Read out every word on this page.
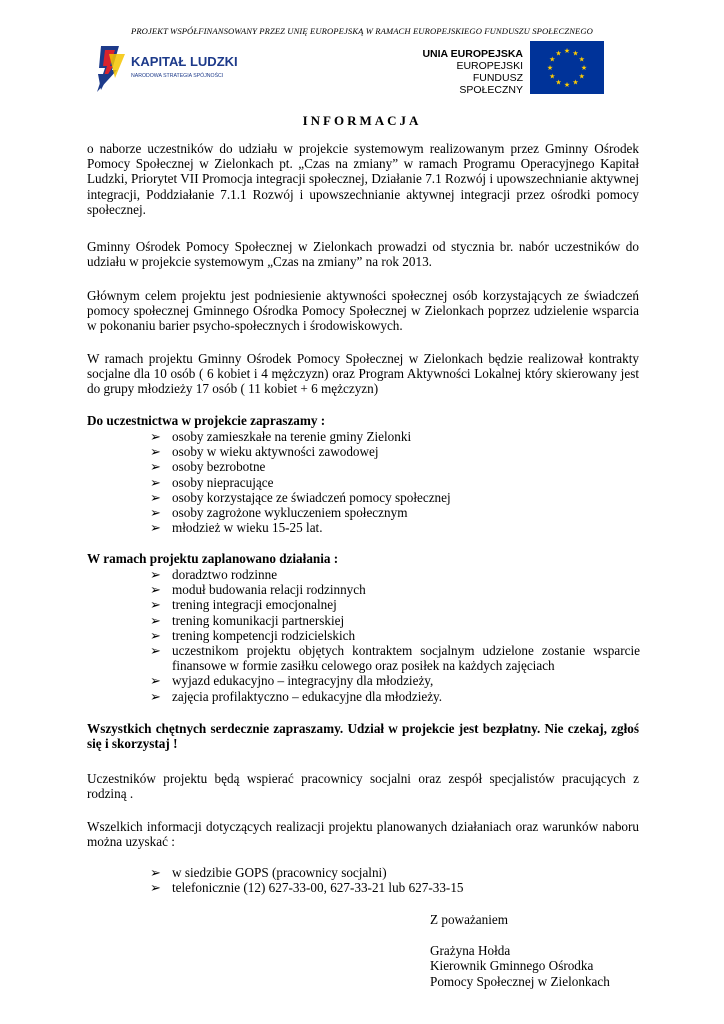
PROJEKT WSPÓŁFINANSOWANY PRZEZ UNIĘ EUROPEJSKĄ W RAMACH EUROPEJSKIEGO FUNDUSZU SPOŁECZNEGO
KAPITAŁ LUDZKI
NARODOWA STRATEGIA SPÓJNOŚCI
UNIA EUROPEJSKA
EUROPEJSKI
FUNDUSZ SPOŁECZNY
★ ★
★
★
★
★
★
★
★
★
★
★
INFORMACJA
o naborze uczestników do udziału w projekcie systemowym realizowanym przez Gminny Ośrodek Pomocy Społecznej w Zielonkach pt. „Czas na zmiany” w ramach Programu Operacyjnego Kapitał Ludzki, Priorytet VII Promocja integracji społecznej, Działanie 7.1 Rozwój i upowszechnianie aktywnej integracji, Poddziałanie 7.1.1 Rozwój i upowszechnianie aktywnej integracji przez ośrodki pomocy społecznej.
Gminny Ośrodek Pomocy Społecznej w Zielonkach prowadzi od stycznia br. nabór uczestników do udziału w projekcie systemowym „Czas na zmiany” na rok 2013.
Głównym celem projektu jest podniesienie aktywności społecznej osób korzystających ze świadczeń pomocy społecznej Gminnego Ośrodka Pomocy Społecznej w Zielonkach poprzez udzielenie wsparcia w pokonaniu barier psycho-społecznych i środowiskowych.
W ramach projektu Gminny Ośrodek Pomocy Społecznej w Zielonkach będzie realizował kontrakty socjalne dla 10 osób ( 6 kobiet i 4 mężczyzn) oraz Program Aktywności Lokalnej który skierowany jest do grupy młodzieży 17 osób ( 11 kobiet + 6 mężczyzn)
Do uczestnictwa w projekcie zapraszamy :
➢ osoby zamieszkałe na terenie gminy Zielonki
➢ osoby w wieku aktywności zawodowej
➢ osoby bezrobotne
➢ osoby niepracujące
➢ osoby korzystające ze świadczeń pomocy społecznej
➢ osoby zagrożone wykluczeniem społecznym
➢ młodzież w wieku 15-25 lat.
W ramach projektu zaplanowano działania :
➢ doradztwo rodzinne
➢ moduł budowania relacji rodzinnych
➢ trening integracji emocjonalnej
➢ trening komunikacji partnerskiej
➢ trening kompetencji rodzicielskich
➢ uczestnikom projektu objętych kontraktem socjalnym udzielone zostanie wsparcie finansowe w formie zasiłku celowego oraz posiłek na każdych zajęciach
➢ wyjazd edukacyjno – integracyjny dla młodzieży,
➢ zajęcia profilaktyczno – edukacyjne dla młodzieży.
Wszystkich chętnych serdecznie zapraszamy. Udział w projekcie jest bezpłatny. Nie czekaj, zgłoś się i skorzystaj !
Uczestników projektu będą wspierać pracownicy socjalni oraz zespół specjalistów pracujących z rodziną .
Wszelkich informacji dotyczących realizacji projektu planowanych działaniach oraz warunków naboru można uzyskać :
➢ w siedzibie GOPS (pracownicy socjalni)
➢ telefonicznie (12) 627-33-00, 627-33-21 lub 627-33-15
Z poważaniem
Grażyna Hołda
Kierownik Gminnego Ośrodka
Pomocy Społecznej w Zielonkach
